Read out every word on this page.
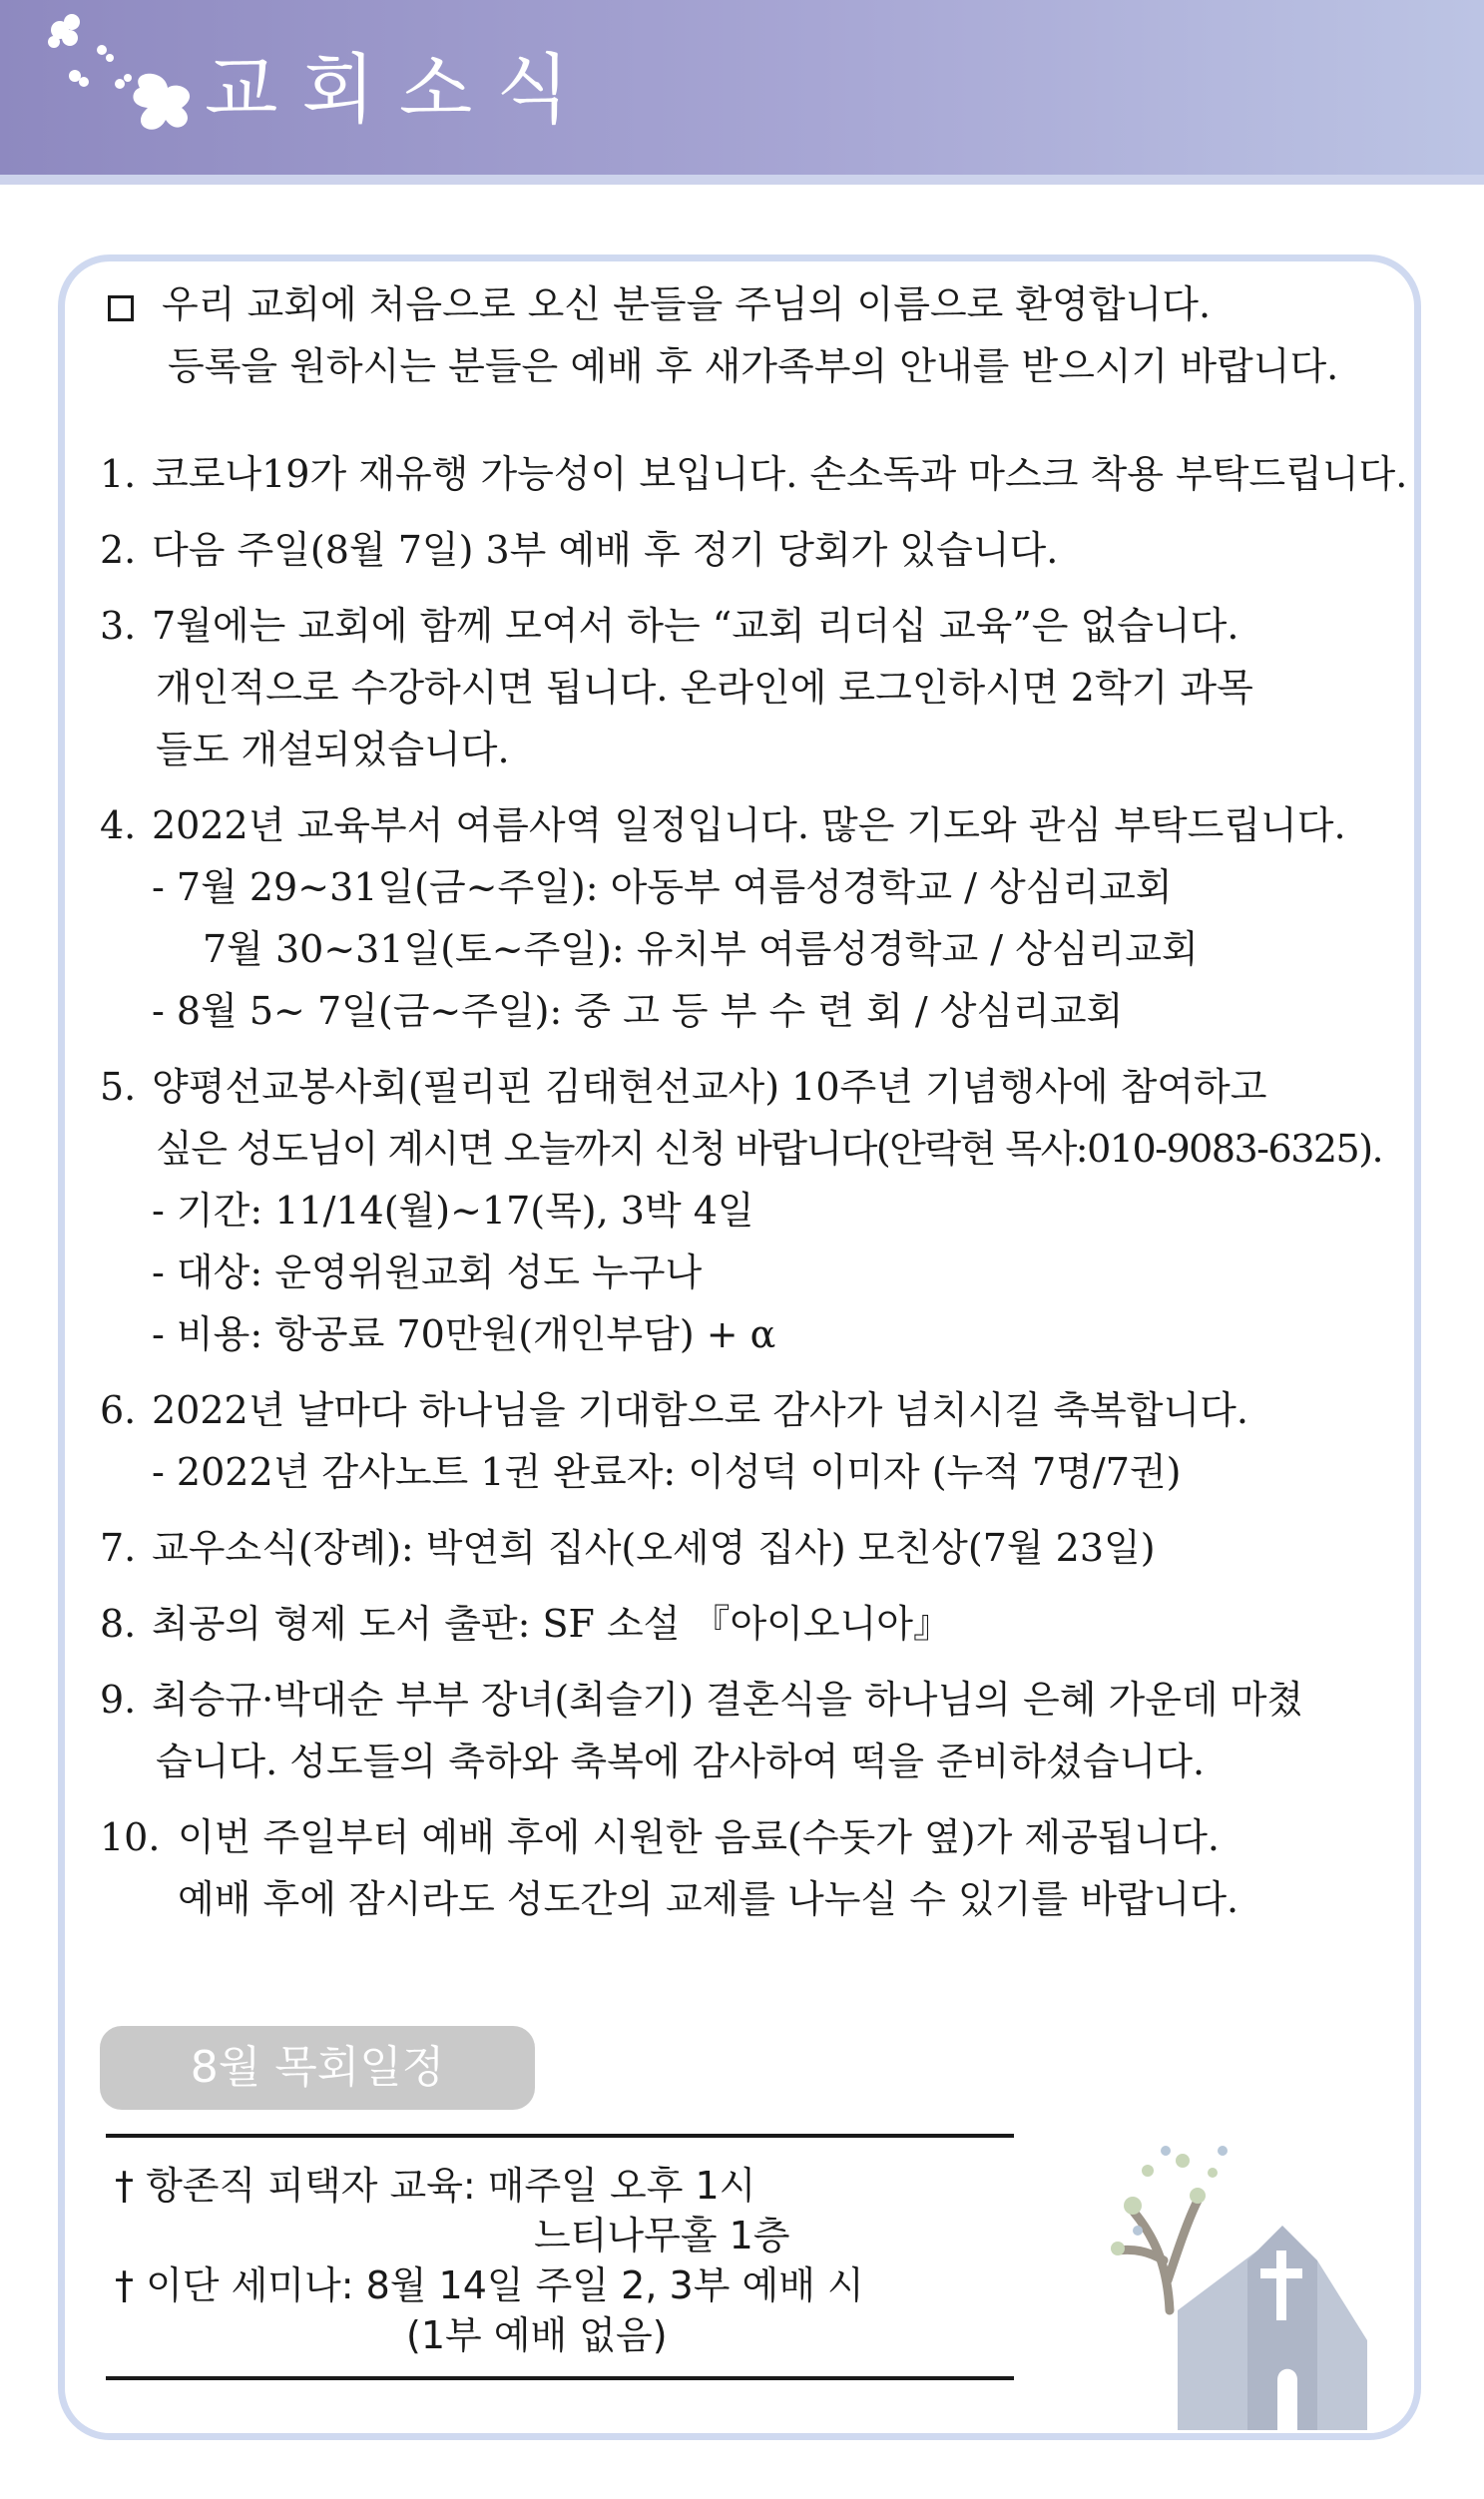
교회소식
우리 교회에 처음으로 오신 분들을 주님의 이름으로 환영합니다.
등록을 원하시는 분들은 예배 후 새가족부의 안내를 받으시기 바랍니다.
1. 코로나19가 재유행 가능성이 보입니다. 손소독과 마스크 착용 부탁드립니다.
2. 다음 주일(8월 7일) 3부 예배 후 정기 당회가 있습니다.
3. 7월에는 교회에 함께 모여서 하는 “교회 리더십 교육”은 없습니다.
개인적으로 수강하시면 됩니다. 온라인에 로그인하시면 2학기 과목
들도 개설되었습니다.
4. 2022년 교육부서 여름사역 일정입니다. 많은 기도와 관심 부탁드립니다.
- 7월 29~31일(금~주일): 아동부 여름성경학교 / 상심리교회
7월 30~31일(토~주일): 유치부 여름성경학교 / 상심리교회
- 8월 5~ 7일(금~주일): 중 고 등 부 수 련 회 / 상심리교회
5. 양평선교봉사회(필리핀 김태현선교사) 10주년 기념행사에 참여하고
싶은 성도님이 계시면 오늘까지 신청 바랍니다(안락현 목사:010-9083-6325).
- 기간: 11/14(월)~17(목), 3박 4일
- 대상: 운영위원교회 성도 누구나
- 비용: 항공료 70만원(개인부담) + α
6. 2022년 날마다 하나님을 기대함으로 감사가 넘치시길 축복합니다.
- 2022년 감사노트 1권 완료자: 이성덕 이미자 (누적 7명/7권)
7. 교우소식(장례): 박연희 집사(오세영 집사) 모친상(7월 23일)
8. 최공의 형제 도서 출판: SF 소설 『아이오니아』
9. 최승규·박대순 부부 장녀(최슬기) 결혼식을 하나님의 은혜 가운데 마쳤
습니다. 성도들의 축하와 축복에 감사하여 떡을 준비하셨습니다.
10. 이번 주일부터 예배 후에 시원한 음료(수돗가 옆)가 제공됩니다.
예배 후에 잠시라도 성도간의 교제를 나누실 수 있기를 바랍니다.
8월 목회일정
† 항존직 피택자 교육: 매주일 오후 1시
느티나무홀 1층
† 이단 세미나: 8월 14일 주일 2, 3부 예배 시
(1부 예배 없음)
